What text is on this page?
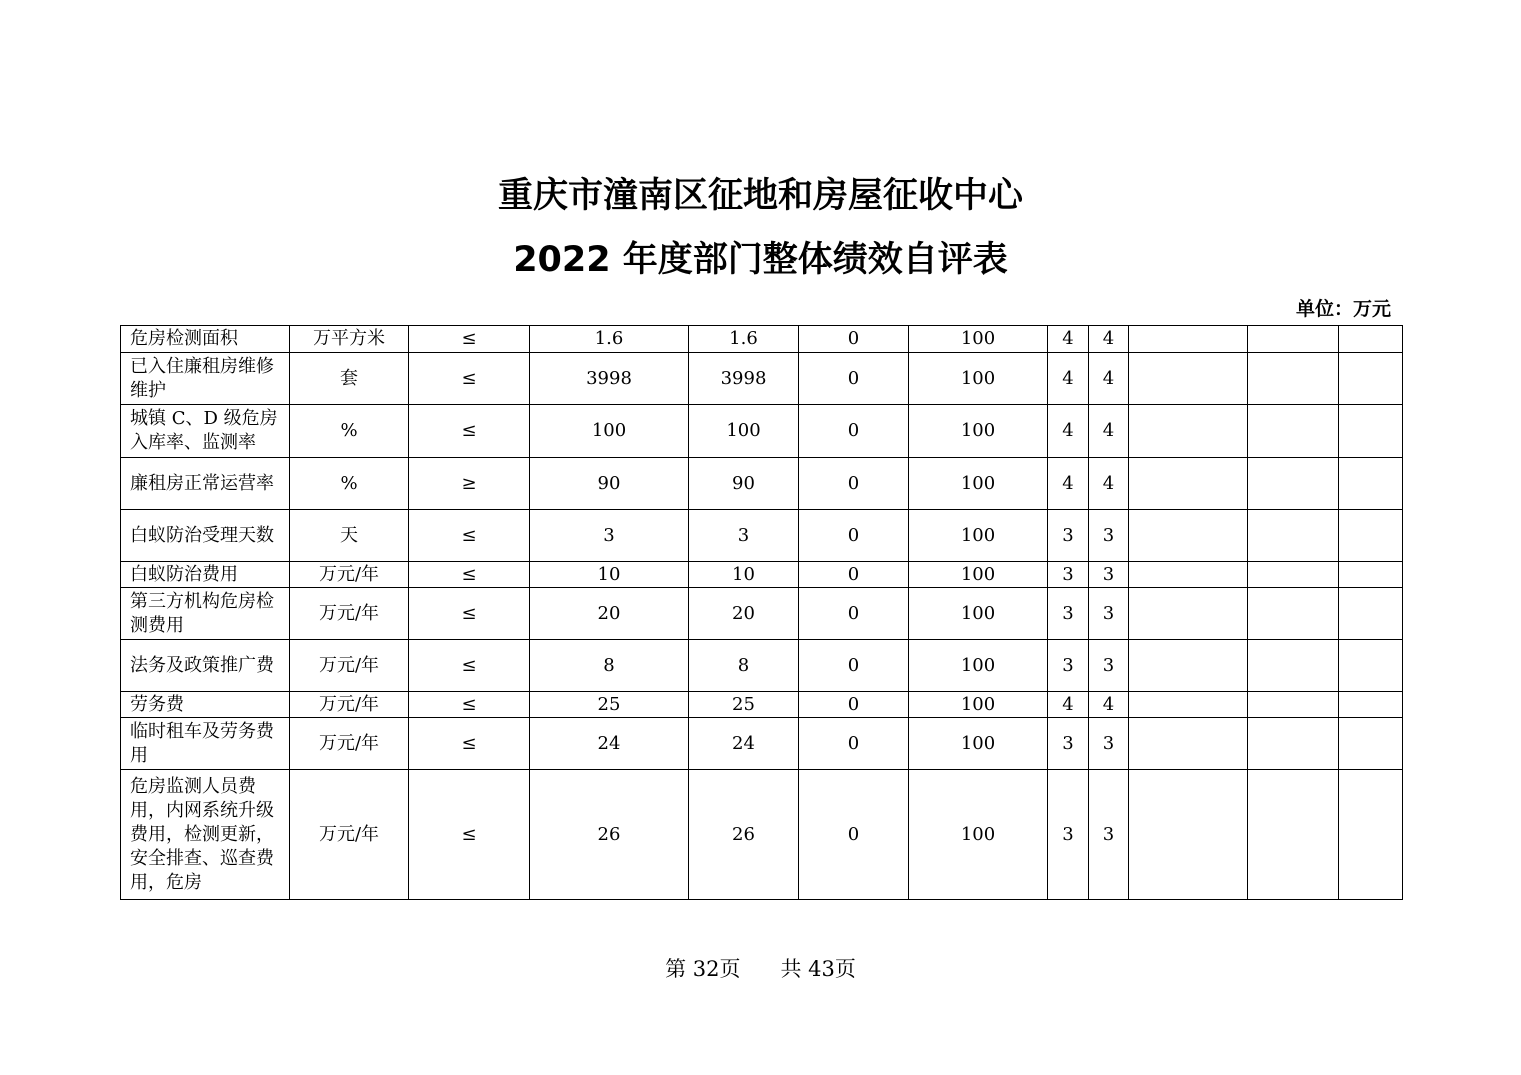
重庆市潼南区征地和房屋征收中心
2022 年度部门整体绩效自评表
单位：万元
危房检测面积	万平方米	≤	1.6	1.6	0	100	4	4			
已入住廉租房维修维护	套	≤	3998	3998	0	100	4	4			
城镇 C、D 级危房入库率、监测率	%	≤	100	100	0	100	4	4			
廉租房正常运营率	%	≥	90	90	0	100	4	4			
白蚁防治受理天数	天	≤	3	3	0	100	3	3			
白蚁防治费用	万元/年	≤	10	10	0	100	3	3			
第三方机构危房检测费用	万元/年	≤	20	20	0	100	3	3			
法务及政策推广费	万元/年	≤	8	8	0	100	3	3			
劳务费	万元/年	≤	25	25	0	100	4	4			
临时租车及劳务费用	万元/年	≤	24	24	0	100	3	3			
危房监测人员费用，内网系统升级费用，检测更新，安全排查、巡查费用，危房	万元/年	≤	26	26	0	100	3	3			
第 32页      共 43页
